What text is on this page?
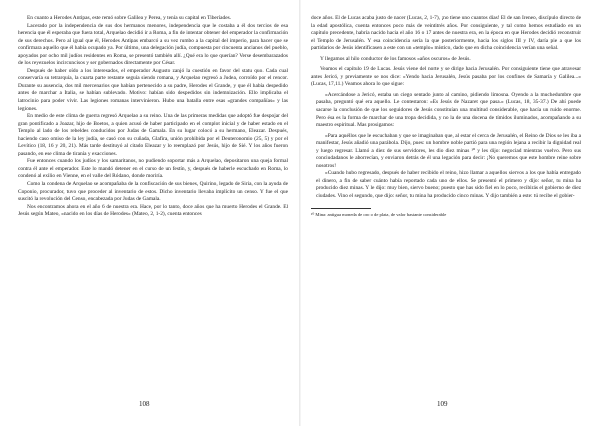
En cuanto a Herodes Antipas, este remó sobre Galilea y Perea, y tenía su capital en Tiberíades.

Lacerado por la independencia de sus dos hermanos menores, independencia que le costaba a él dos tercios de esa herencia que él esperaba que fuera total, Arquelao decidió ir a Roma, a fin de intentar obtener del emperador la confirmación de sus derechos. Pero al igual que él, Herodes Antipas embarcó a su vez rumbo a la capital del imperio, para hacer que se confirmara aquello que él había ocupado ya. Por último, una delegación judía, compuesta por cincuenta ancianos del pueblo, apoyados por ocho mil judíos residentes en Roma, se presentó también allí. ¿Qué era lo que querían? Verse desembarazados de los reyezuelos incircuncisos y ser gobernados directamente por César.

Después de haber oído a los interesados, el emperador Augusto zanjó la cuestión en favor del statu quo. Cada cual conservaría su tetrarquía, la cuarta parte restante seguía siendo romana, y Arquelao regresó a Judea, corroído por el rencor. Durante su ausencia, dos mil mercenarios que habían pertenecido a su padre, Herodes el Grande, y que él había despedido antes de marchar a Italia, se habían sublevado. Motivo: habían sido despedidos sin indemnización. Ello implicaba el latrocinio para poder vivir. Las legiones romanas intervinieron. Hubo una batalla entre esas «grandes compañías» y las legiones.

En medio de este clima de guerra regresó Arquelao a su reino. Una de las primeras medidas que adoptó fue despojar del gran pontificado a Joazar, hijo de Boetos, a quien acusó de haber participado en el complot inicial y de haber estado en el Templo al lado de los rebeldes conducidos por Judas de Gamala. En su lugar colocó a su hermano, Eleazar. Después, haciendo caso omiso de la ley judía, se casó con su cuñada, Glafira, unión prohibida por el Deuteronomio (25, 5) y por el Levítico (18, 16 y 20, 21). Más tarde destituyó al citado Eleazar y lo reemplazó por Jesús, hijo de Sié. Y los años fueron pasando, en ese clima de tiranía y exacciones.

Fue entonces cuando los judíos y los samaritanos, no pudiendo soportar más a Arquelao, depositaron una queja formal contra él ante el emperador. Este lo mandó detener en el curso de un festín, y, después de haberle escuchado en Roma, lo condenó al exilio en Vienne, en el valle del Ródano, donde moriría.

Como la condena de Arquelao se acompañaba de la confiscación de sus bienes, Quirino, legado de Siria, con la ayuda de Coponio, procurador, tuvo que proceder al inventario de estos. Dicho inventario llevaba implícito un censo. Y fue el que suscitó la revolución del Censo, encabezada por Judas de Gamala.

Nos encontramos ahora en el año 6 de nuestra era. Hace, por lo tanto, doce años que ha muerto Herodes el Grande. El Jesús según Mateo, «nacido en los días de Herodes» (Mateo, 2, 1-2), cuenta entonces

doce años. El de Lucas acaba justo de nacer (Lucas, 2, 1-7), ¡no tiene uno cuantos días! El de san Ireneo, discípulo directo de la edad apostólica, cuenta entonces poco más de veintitrés años. Por consiguiente, y tal como hemos estudiado en un capítulo precedente, habría nacido hacia el año 16 o 17 antes de nuestra era, en la época en que Herodes decidió reconstruir el Templo de Jerusalén. Y esa coincidencia sería la que posteriormente, hacia los siglos III y IV, daría pie a que los partidarios de Jesús identificasen a este con un «templo» místico, dado que en dicha coincidencia verían una señal.

Y llegamos al hilo conductor de los famosos «años oscuros» de Jesús.

Veamos el capítulo 19 de Lucas. Jesús viene del norte y se dirige hacia Jerusalén. Por consiguiente tiene que atravesar antes Jericó, y previamente se nos dice: «Yendo hacia Jerusalén, Jesús pasaba por los confines de Samaría y Galilea...» (Lucas, 17,11.) Veamos ahora lo que sigue:

«Acercándose a Jericó, estaba un ciego sentado junto al camino, pidiendo limosna. Oyendo a la muchedumbre que pasaba, preguntó qué era aquello. Le contestaron: «Es Jesús de Nazaret que pasa.» (Lucas, 18, 35-37.) De ahí puede sacarse la conclusión de que los seguidores de Jesús constituían una multitud considerable, que hacía un ruido enorme. Pero ésa es la forma de marchar de una tropa decidida, y no la de una docena de tímidos iluminados, acompañando a su maestro espiritual. Mas prosigamos:

«Para aquéllos que le escuchaban y que se imaginaban que, al estar el cerca de Jerusalén, el Reino de Dios se les iba a manifestar, Jesús añadió una parábola. Dijo, pues: un hombre noble partió para una región lejana a recibir la dignidad real y luego regresar. Llamó a diez de sus servidores, les dio diez minas ¹⁰ y les dijo: negociad mientras vuelvo. Pero sus conciudadanos le aborrecían, y enviaron detrás de él una legación para decir: ¡No queremos que este hombre reine sobre nosotros!

»Cuando hubo regresado, después de haber recibido el reino, hizo llamar a aquellos siervos a los que había entregado el dinero, a fin de saber cuánto había reportado cada uno de ellos. Se presentó el primero y dijo: señor, tu mina ha producido diez minas. Y le dijo: muy bien, siervo bueno; puesto que has sido fiel en lo poco, recibirás el gobierno de diez ciudades. Vino el segundo, que dijo: señor, tu mina ha producido cinco minas. Y dijo también a este: tú recibe el gobier-

¹⁰ Mina: antigua moneda de oro o de plata, de valor bastante considerable

108	109
